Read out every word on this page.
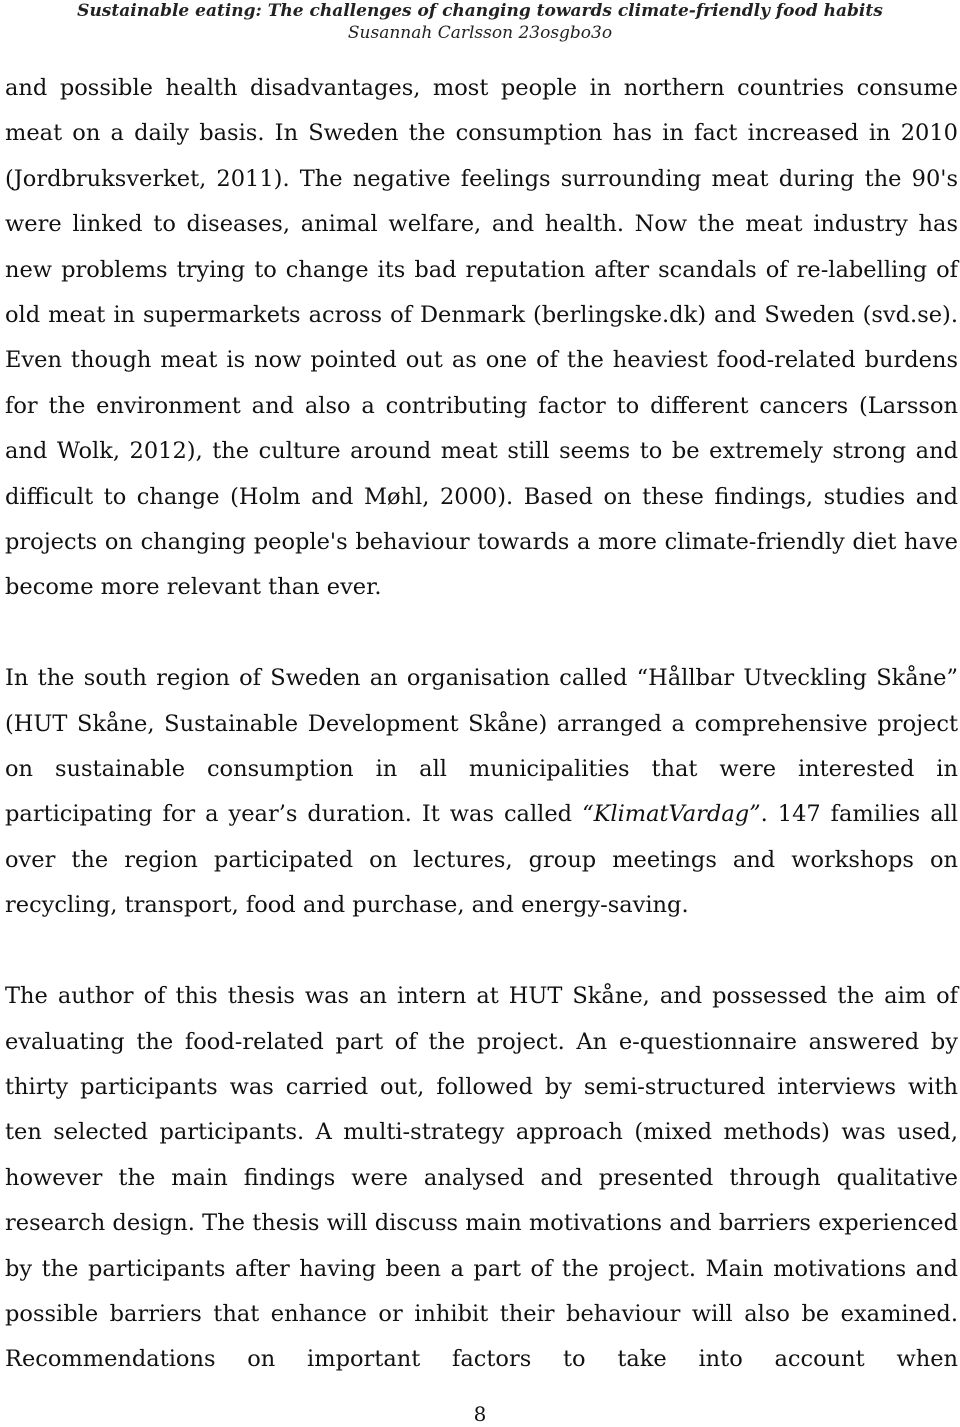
Sustainable eating: The challenges of changing towards climate-friendly food habits
Susannah Carlsson 23osgbo3o

and possible health disadvantages, most people in northern countries consume meat on a daily basis. In Sweden the consumption has in fact increased in 2010 (Jordbruksverket, 2011). The negative feelings surrounding meat during the 90's were linked to diseases, animal welfare, and health. Now the meat industry has new problems trying to change its bad reputation after scandals of re-labelling of old meat in supermarkets across of Denmark (berlingske.dk) and Sweden (svd.se). Even though meat is now pointed out as one of the heaviest food-related burdens for the environment and also a contributing factor to different cancers (Larsson and Wolk, 2012), the culture around meat still seems to be extremely strong and difficult to change (Holm and Møhl, 2000). Based on these findings, studies and projects on changing people's behaviour towards a more climate-friendly diet have become more relevant than ever.

In the south region of Sweden an organisation called “Hållbar Utveckling Skåne” (HUT Skåne, Sustainable Development Skåne) arranged a comprehensive project on sustainable consumption in all municipalities that were interested in participating for a year’s duration. It was called “KlimatVardag”. 147 families all over the region participated on lectures, group meetings and workshops on recycling, transport, food and purchase, and energy-saving.

The author of this thesis was an intern at HUT Skåne, and possessed the aim of evaluating the food-related part of the project. An e-questionnaire answered by thirty participants was carried out, followed by semi-structured interviews with ten selected participants. A multi-strategy approach (mixed methods) was used, however the main findings were analysed and presented through qualitative research design. The thesis will discuss main motivations and barriers experienced by the participants after having been a part of the project. Main motivations and possible barriers that enhance or inhibit their behaviour will also be examined. Recommendations on important factors to take into account when

8
